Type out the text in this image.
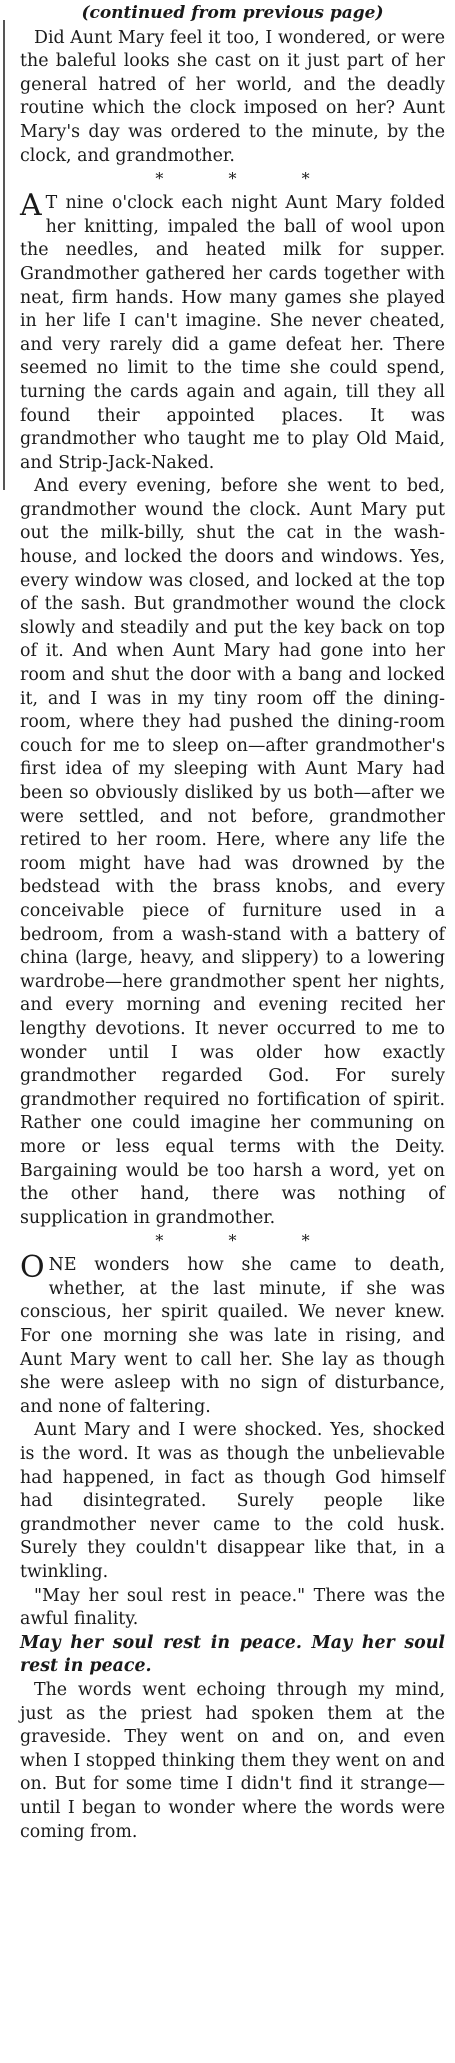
(continued from previous page)

Did Aunt Mary feel it too, I wondered, or were the baleful looks she cast on it just part of her general hatred of her world, and the deadly routine which the clock imposed on her? Aunt Mary's day was ordered to the minute, by the clock, and grandmother.

* * *

A T nine o'clock each night Aunt Mary folded her knitting, impaled the ball of wool upon the needles, and heated milk for supper. Grandmother gathered her cards together with neat, firm hands. How many games she played in her life I can't imagine. She never cheated, and very rarely did a game defeat her. There seemed no limit to the time she could spend, turning the cards again and again, till they all found their appointed places. It was grandmother who taught me to play Old Maid, and Strip-Jack-Naked.

And every evening, before she went to bed, grandmother wound the clock. Aunt Mary put out the milk-billy, shut the cat in the wash-house, and locked the doors and windows. Yes, every window was closed, and locked at the top of the sash. But grandmother wound the clock slowly and steadily and put the key back on top of it. And when Aunt Mary had gone into her room and shut the door with a bang and locked it, and I was in my tiny room off the dining-room, where they had pushed the dining-room couch for me to sleep on—after grandmother's first idea of my sleeping with Aunt Mary had been so obviously disliked by us both—after we were settled, and not before, grandmother retired to her room. Here, where any life the room might have had was drowned by the bedstead with the brass knobs, and every conceivable piece of furniture used in a bedroom, from a wash-stand with a battery of china (large, heavy, and slippery) to a lowering wardrobe—here grandmother spent her nights, and every morning and evening recited her lengthy devotions. It never occurred to me to wonder until I was older how exactly grandmother regarded God. For surely grandmother required no fortification of spirit. Rather one could imagine her communing on more or less equal terms with the Deity. Bargaining would be too harsh a word, yet on the other hand, there was nothing of supplication in grandmother.

* * *

ONE wonders how she came to death, whether, at the last minute, if she was conscious, her spirit quailed. We never knew. For one morning she was late in rising, and Aunt Mary went to call her. She lay as though she were asleep with no sign of disturbance, and none of faltering.

Aunt Mary and I were shocked. Yes, shocked is the word. It was as though the unbelievable had happened, in fact as though God himself had disintegrated. Surely people like grandmother never came to the cold husk. Surely they couldn't disappear like that, in a twinkling.

"May her soul rest in peace." There was the awful finality.

May her soul rest in peace. May her soul rest in peace.

The words went echoing through my mind, just as the priest had spoken them at the graveside. They went on and on, and even when I stopped thinking them they went on and on. But for some time I didn't find it strange—until I began to wonder where the words were coming from.
